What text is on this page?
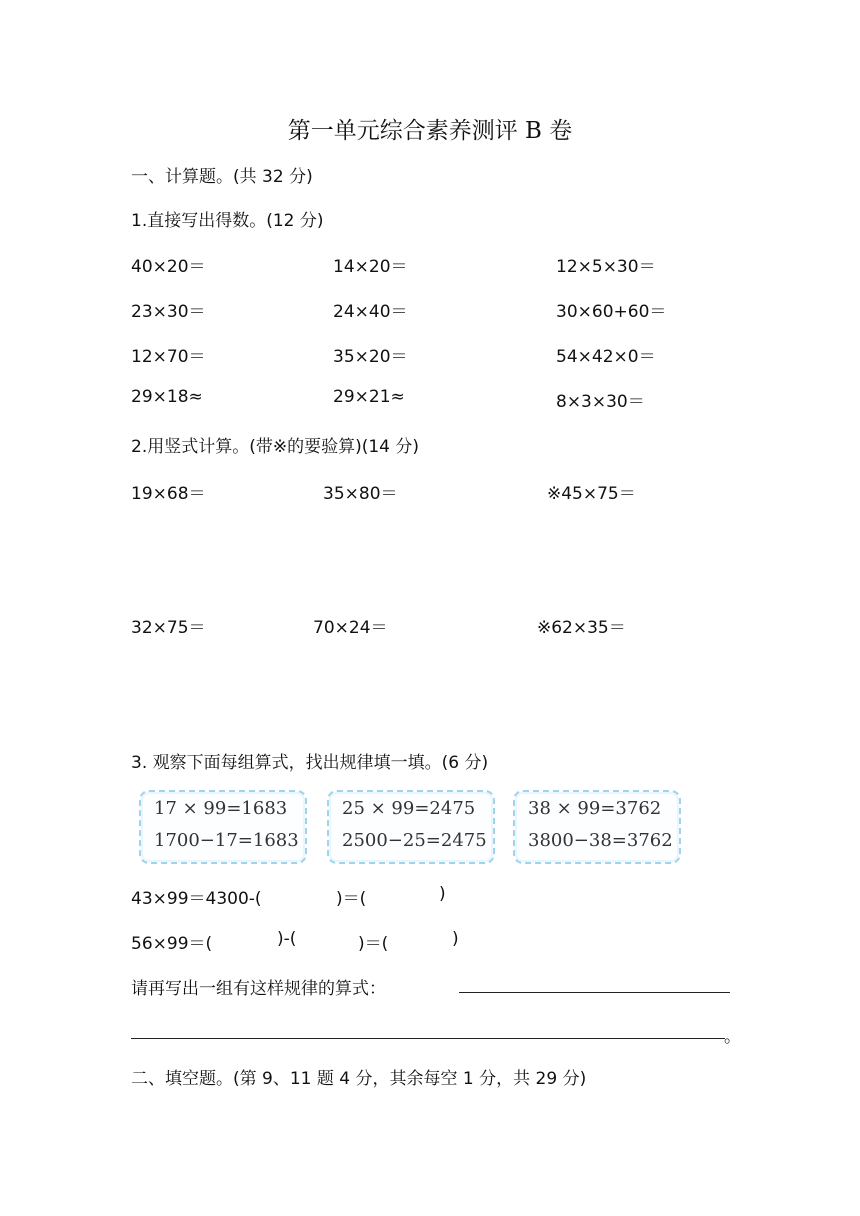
第一单元综合素养测评 B 卷
一、计算题。(共 32 分)
1.直接写出得数。(12 分)
40×20＝	14×20＝	12×5×30＝
23×30＝	24×40＝	30×60+60＝
12×70＝	35×20＝	54×42×0＝
29×18≈	29×21≈	8×3×30＝
2.用竖式计算。(带※的要验算)(14 分)
19×68＝	35×80＝	※45×75＝
32×75＝	70×24＝	※62×35＝
3. 观察下面每组算式，找出规律填一填。(6 分)
17 × 99=1683
1700−17=1683
25 × 99=2475
2500−25=2475
38 × 99=3762
3800−38=3762
43×99＝4300-(	)＝(	)
56×99＝(	)-(	)＝(	)
请再写出一组有这样规律的算式：
。
二、填空题。(第 9、11 题 4 分，其余每空 1 分，共 29 分)
